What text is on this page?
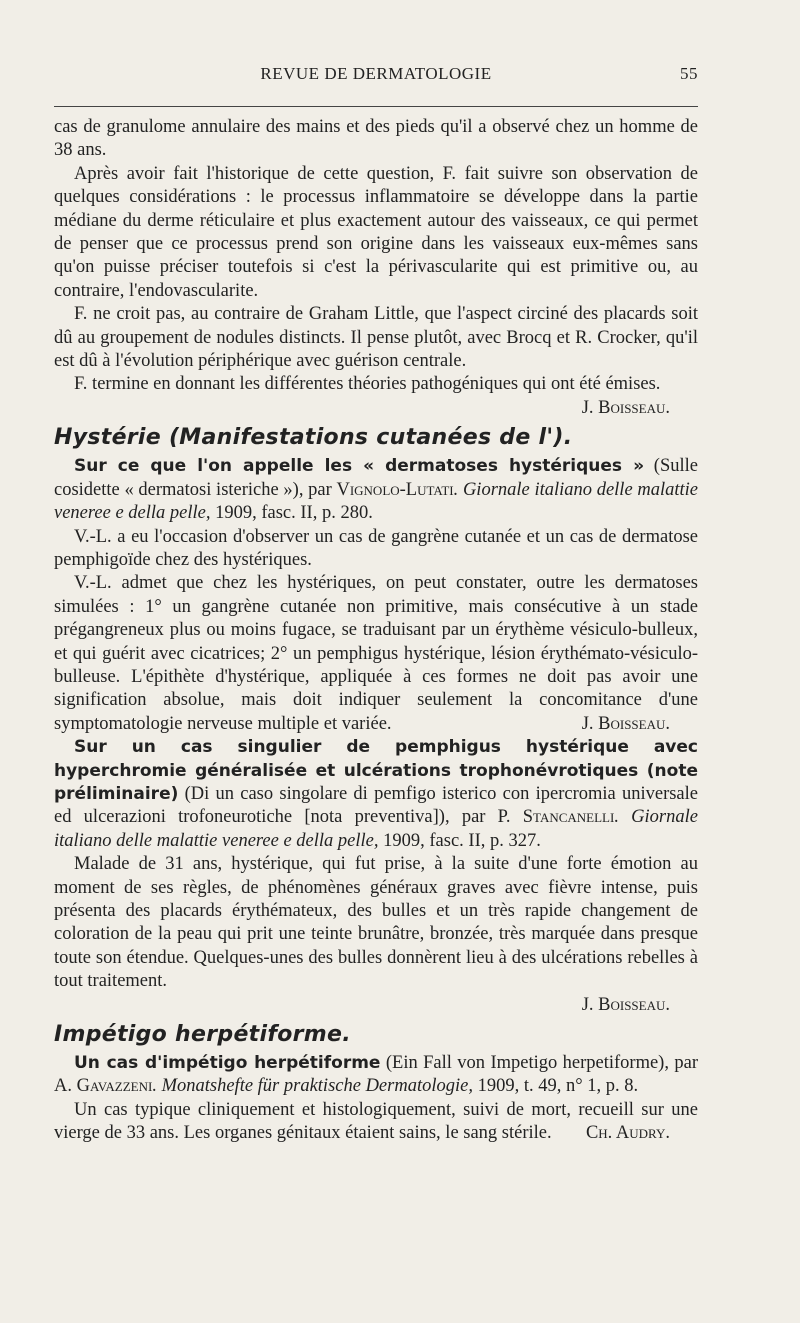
REVUE DE DERMATOLOGIE	55

cas de granulome annulaire des mains et des pieds qu'il a observé chez un homme de 38 ans.

Après avoir fait l'historique de cette question, F. fait suivre son observation de quelques considérations : le processus inflammatoire se développe dans la partie médiane du derme réticulaire et plus exactement autour des vaisseaux, ce qui permet de penser que ce processus prend son origine dans les vaisseaux eux-mêmes sans qu'on puisse préciser toutefois si c'est la périvascularite qui est primitive ou, au contraire, l'endovascularite.

F. ne croit pas, au contraire de Graham Little, que l'aspect circiné des placards soit dû au groupement de nodules distincts. Il pense plutôt, avec Brocq et R. Crocker, qu'il est dû à l'évolution périphérique avec guérison centrale.

F. termine en donnant les différentes théories pathogéniques qui ont été émises.
J. Boisseau.

Hystérie (Manifestations cutanées de l').

Sur ce que l'on appelle les « dermatoses hystériques » (Sulle cosidette « dermatosi isteriche »), par Vignolo-Lutati. Giornale italiano delle malattie veneree e della pelle, 1909, fasc. II, p. 280.

V.-L. a eu l'occasion d'observer un cas de gangrène cutanée et un cas de dermatose pemphigoïde chez des hystériques.

V.-L. admet que chez les hystériques, on peut constater, outre les dermatoses simulées : 1° un gangrène cutanée non primitive, mais consécutive à un stade prégangreneux plus ou moins fugace, se traduisant par un érythème vésiculo-bulleux, et qui guérit avec cicatrices; 2° un pemphigus hystérique, lésion érythémato-vésiculo-bulleuse. L'épithète d'hystérique, appliquée à ces formes ne doit pas avoir une signification absolue, mais doit indiquer seulement la concomitance d'une symptomatologie nerveuse multiple et variée.	J. Boisseau.

Sur un cas singulier de pemphigus hystérique avec hyperchromie généralisée et ulcérations trophonévrotiques (note préliminaire) (Di un caso singolare di pemfigo isterico con ipercromia universale ed ulcerazioni trofoneurotiche [nota preventiva]), par P. Stancanelli. Giornale italiano delle malattie veneree e della pelle, 1909, fasc. II, p. 327.

Malade de 31 ans, hystérique, qui fut prise, à la suite d'une forte émotion au moment de ses règles, de phénomènes généraux graves avec fièvre intense, puis présenta des placards érythémateux, des bulles et un très rapide changement de coloration de la peau qui prit une teinte brunâtre, bronzée, très marquée dans presque toute son étendue. Quelques-unes des bulles donnèrent lieu à des ulcérations rebelles à tout traitement.

J. Boisseau.

Impétigo herpétiforme.

Un cas d'impétigo herpétiforme (Ein Fall von Impetigo herpetiforme), par A. Gavazzeni. Monatshefte für praktische Dermatologie, 1909, t. 49, n° 1, p. 8.

Un cas typique cliniquement et histologiquement, suivi de mort, recueill sur une vierge de 33 ans. Les organes génitaux étaient sains, le sang stérile.	Ch. Audry.
